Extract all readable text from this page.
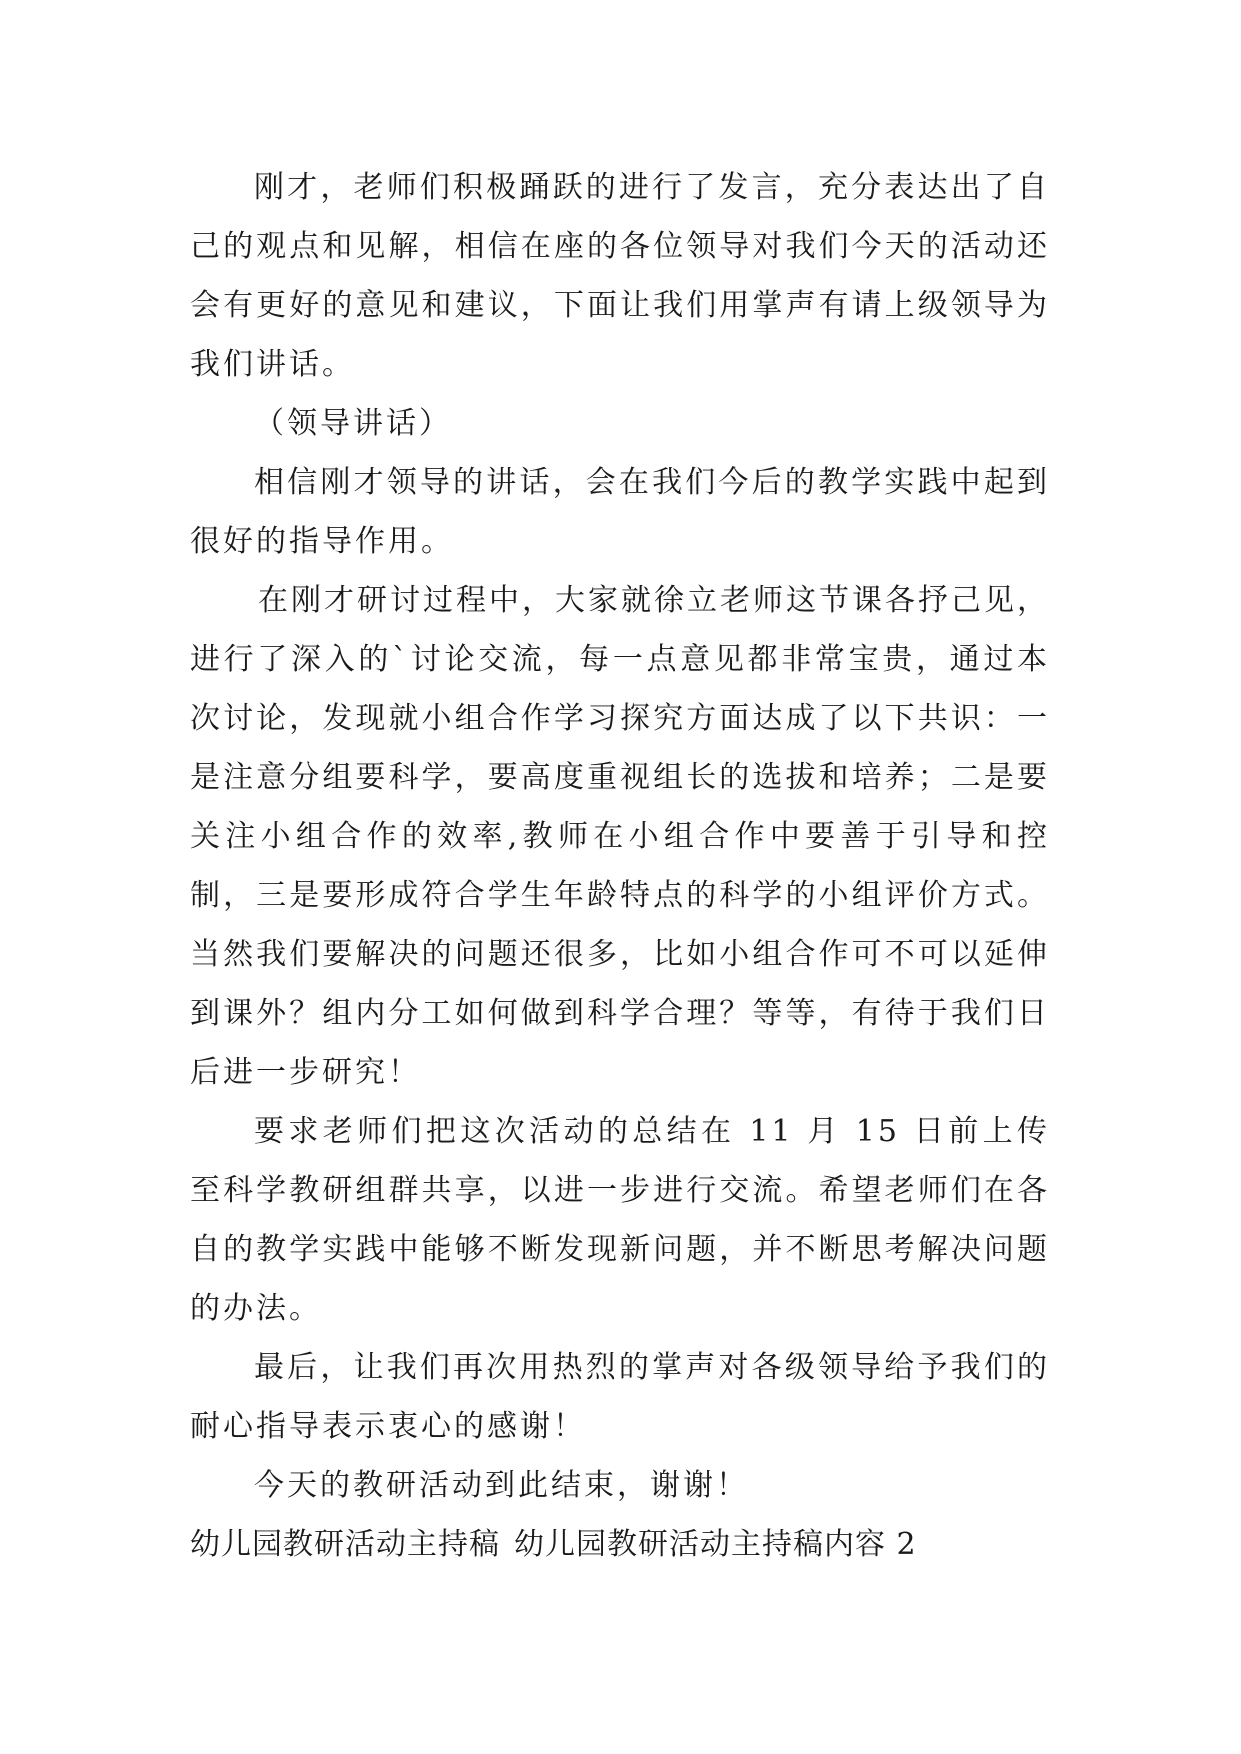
刚才，老师们积极踊跃的进行了发言，充分表达出了自己的观点和见解，相信在座的各位领导对我们今天的活动还会有更好的意见和建议，下面让我们用掌声有请上级领导为我们讲话。

（领导讲话）

相信刚才领导的讲话，会在我们今后的教学实践中起到很好的指导作用。

在刚才研讨过程中，大家就徐立老师这节课各抒己见，进行了深入的`讨论交流，每一点意见都非常宝贵，通过本次讨论，发现就小组合作学习探究方面达成了以下共识：一是注意分组要科学，要高度重视组长的选拔和培养；二是要关注小组合作的效率,教师在小组合作中要善于引导和控制，三是要形成符合学生年龄特点的科学的小组评价方式。当然我们要解决的问题还很多，比如小组合作可不可以延伸到课外？组内分工如何做到科学合理？等等，有待于我们日后进一步研究！

要求老师们把这次活动的总结在 11 月 15 日前上传至科学教研组群共享，以进一步进行交流。希望老师们在各自的教学实践中能够不断发现新问题，并不断思考解决问题的办法。

最后，让我们再次用热烈的掌声对各级领导给予我们的耐心指导表示衷心的感谢！

今天的教研活动到此结束，谢谢！

幼儿园教研活动主持稿 幼儿园教研活动主持稿内容 2
